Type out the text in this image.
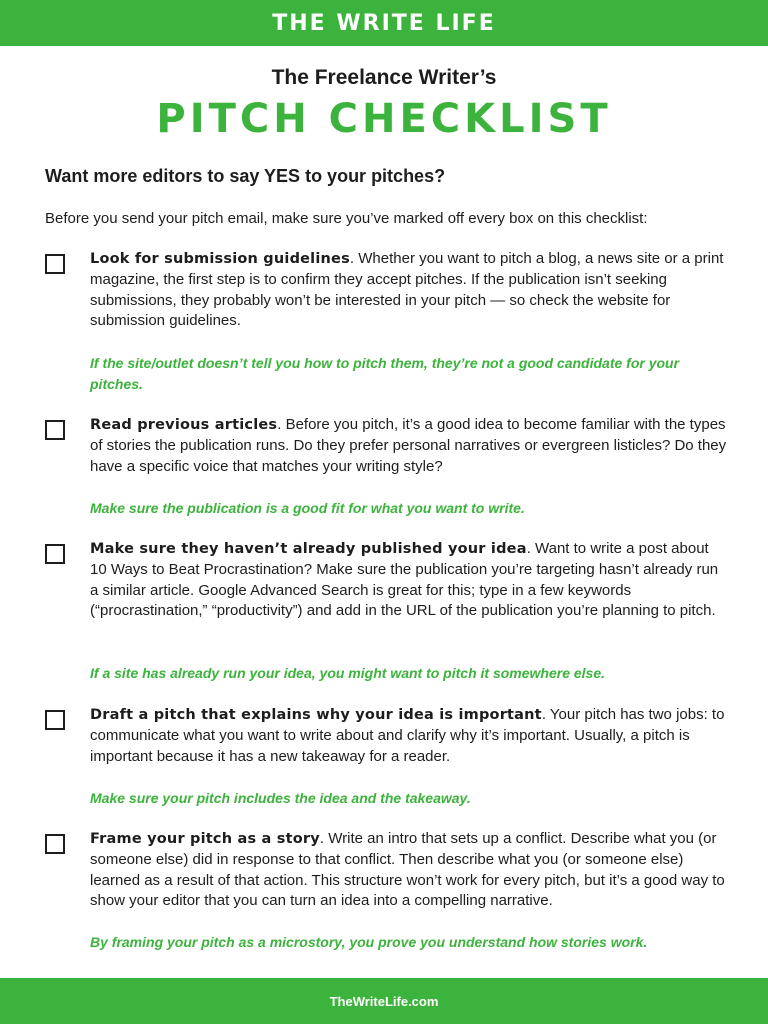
THE WRITE LIFE
The Freelance Writer’s
PITCH CHECKLIST
Want more editors to say YES to your pitches?
Before you send your pitch email, make sure you’ve marked off every box on this checklist:
Look for submission guidelines. Whether you want to pitch a blog, a news site or a print magazine, the first step is to confirm they accept pitches. If the publication isn’t seeking submissions, they probably won’t be interested in your pitch — so check the website for submission guidelines.
If the site/outlet doesn’t tell you how to pitch them, they’re not a good candidate for your pitches.
Read previous articles. Before you pitch, it’s a good idea to become familiar with the types of stories the publication runs. Do they prefer personal narratives or evergreen listicles? Do they have a specific voice that matches your writing style?
Make sure the publication is a good fit for what you want to write.
Make sure they haven’t already published your idea. Want to write a post about 10 Ways to Beat Procrastination? Make sure the publication you’re targeting hasn’t already run a similar article. Google Advanced Search is great for this; type in a few keywords (“procrastination,” “productivity”) and add in the URL of the publication you’re planning to pitch.
If a site has already run your idea, you might want to pitch it somewhere else.
Draft a pitch that explains why your idea is important. Your pitch has two jobs: to communicate what you want to write about and clarify why it’s important. Usually, a pitch is important because it has a new takeaway for a reader.
Make sure your pitch includes the idea and the takeaway.
Frame your pitch as a story. Write an intro that sets up a conflict. Describe what you (or someone else) did in response to that conflict. Then describe what you (or someone else) learned as a result of that action. This structure won’t work for every pitch, but it’s a good way to show your editor that you can turn an idea into a compelling narrative.
By framing your pitch as a microstory, you prove you understand how stories work.
TheWriteLife.com
